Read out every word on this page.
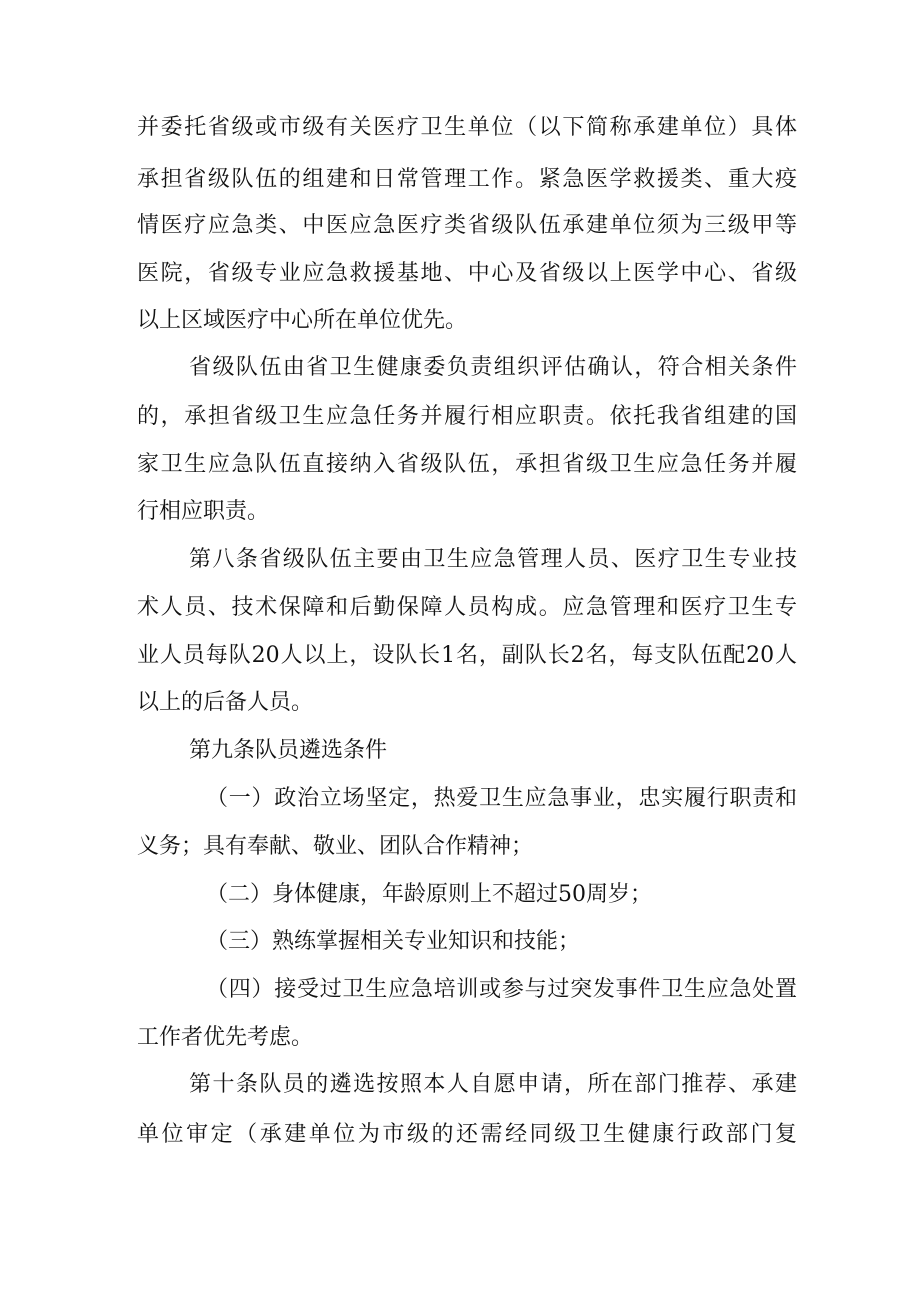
并委托省级或市级有关医疗卫生单位（以下简称承建单位）具体

承担省级队伍的组建和日常管理工作。紧急医学救援类、重大疫

情医疗应急类、中医应急医疗类省级队伍承建单位须为三级甲等

医院，省级专业应急救援基地、中心及省级以上医学中心、省级

以上区域医疗中心所在单位优先。

省级队伍由省卫生健康委负责组织评估确认，符合相关条件

的，承担省级卫生应急任务并履行相应职责。依托我省组建的国

家卫生应急队伍直接纳入省级队伍，承担省级卫生应急任务并履

行相应职责。

第八条省级队伍主要由卫生应急管理人员、医疗卫生专业技

术人员、技术保障和后勤保障人员构成。应急管理和医疗卫生专

业人员每队20人以上，设队长1名，副队长2名，每支队伍配20人

以上的后备人员。

第九条队员遴选条件

（一）政治立场坚定，热爱卫生应急事业，忠实履行职责和

义务；具有奉献、敬业、团队合作精神；

（二）身体健康，年龄原则上不超过50周岁；

（三）熟练掌握相关专业知识和技能；

（四）接受过卫生应急培训或参与过突发事件卫生应急处置

工作者优先考虑。

第十条队员的遴选按照本人自愿申请，所在部门推荐、承建

单位审定（承建单位为市级的还需经同级卫生健康行政部门复
